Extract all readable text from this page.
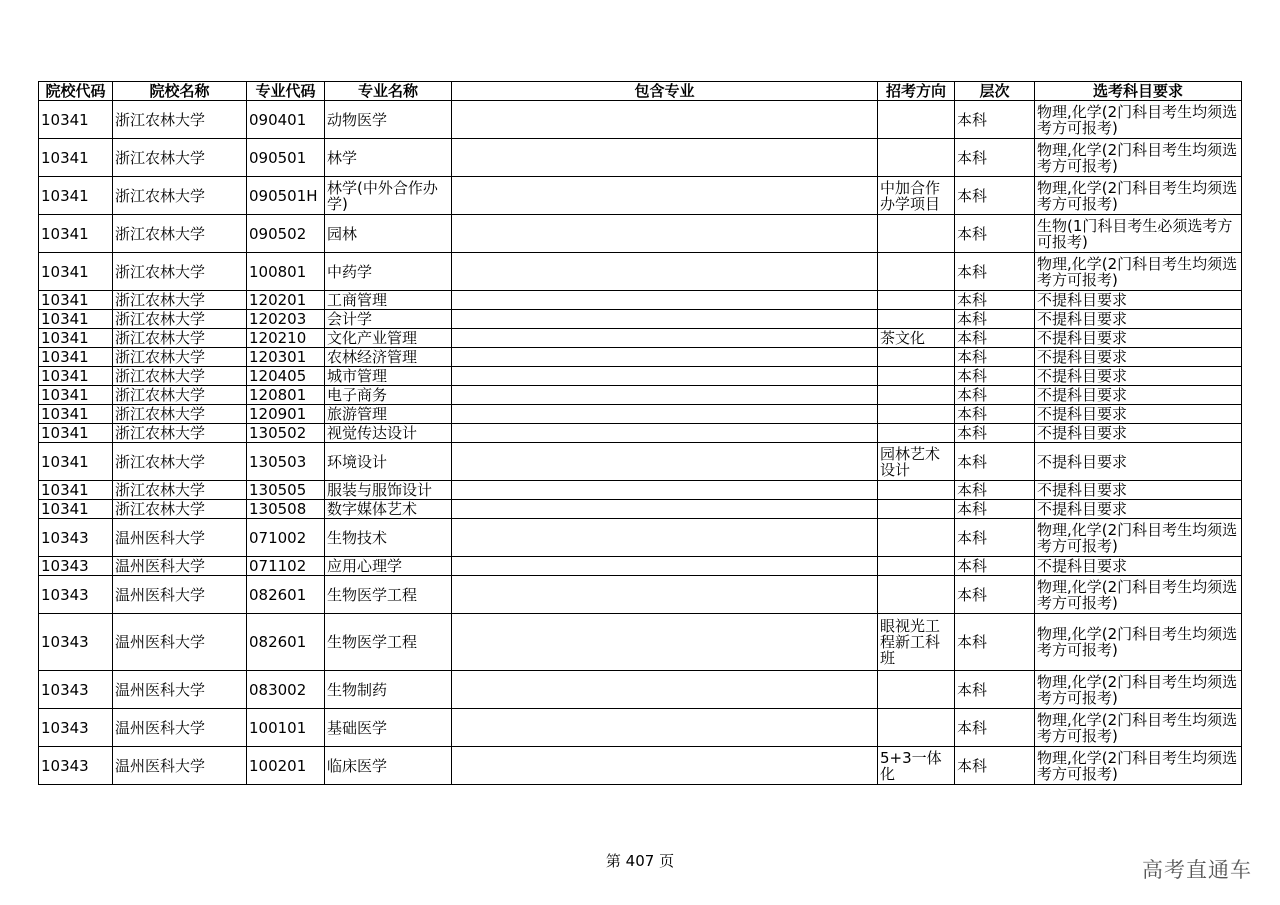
院校代码	院校名称	专业代码	专业名称	包含专业	招考方向	层次	选考科目要求
10341	浙江农林大学	090401	动物医学			本科	物理,化学(2门科目考生均须选考方可报考)
10341	浙江农林大学	090501	林学			本科	物理,化学(2门科目考生均须选考方可报考)
10341	浙江农林大学	090501H	林学(中外合作办学)		中加合作办学项目	本科	物理,化学(2门科目考生均须选考方可报考)
10341	浙江农林大学	090502	园林			本科	生物(1门科目考生必须选考方可报考)
10341	浙江农林大学	100801	中药学			本科	物理,化学(2门科目考生均须选考方可报考)
10341	浙江农林大学	120201	工商管理			本科	不提科目要求
10341	浙江农林大学	120203	会计学			本科	不提科目要求
10341	浙江农林大学	120210	文化产业管理		茶文化	本科	不提科目要求
10341	浙江农林大学	120301	农林经济管理			本科	不提科目要求
10341	浙江农林大学	120405	城市管理			本科	不提科目要求
10341	浙江农林大学	120801	电子商务			本科	不提科目要求
10341	浙江农林大学	120901	旅游管理			本科	不提科目要求
10341	浙江农林大学	130502	视觉传达设计			本科	不提科目要求
10341	浙江农林大学	130503	环境设计		园林艺术设计	本科	不提科目要求
10341	浙江农林大学	130505	服装与服饰设计			本科	不提科目要求
10341	浙江农林大学	130508	数字媒体艺术			本科	不提科目要求
10343	温州医科大学	071002	生物技术			本科	物理,化学(2门科目考生均须选考方可报考)
10343	温州医科大学	071102	应用心理学			本科	不提科目要求
10343	温州医科大学	082601	生物医学工程			本科	物理,化学(2门科目考生均须选考方可报考)
10343	温州医科大学	082601	生物医学工程		眼视光工程新工科班	本科	物理,化学(2门科目考生均须选考方可报考)
10343	温州医科大学	083002	生物制药			本科	物理,化学(2门科目考生均须选考方可报考)
10343	温州医科大学	100101	基础医学			本科	物理,化学(2门科目考生均须选考方可报考)
10343	温州医科大学	100201	临床医学		5+3一体化	本科	物理,化学(2门科目考生均须选考方可报考)
第 407 页	高考直通车
